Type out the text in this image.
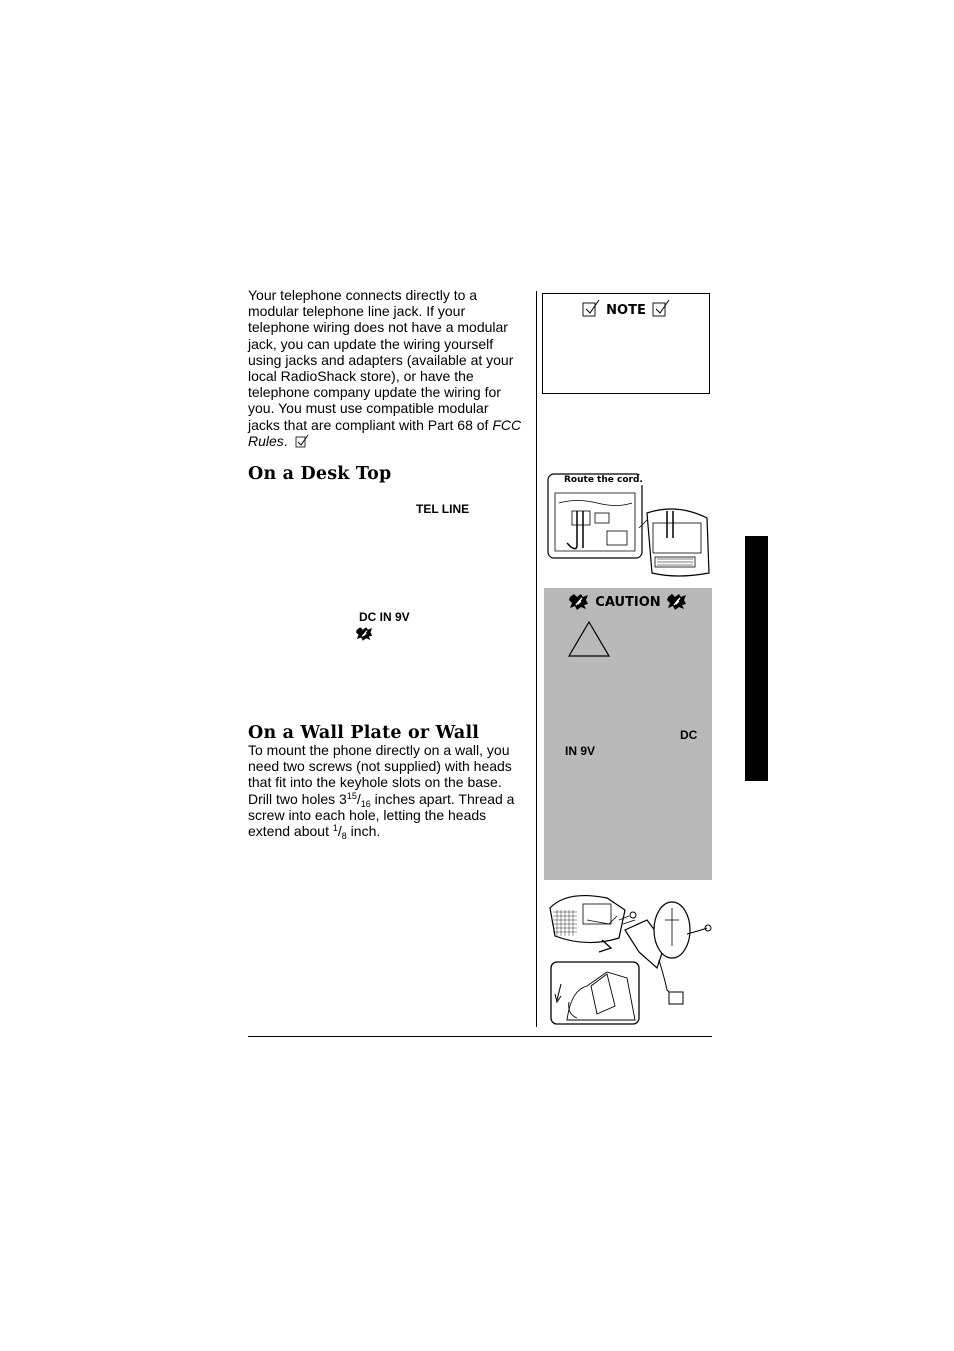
Your telephone connects directly to a
modular telephone line jack. If your
telephone wiring does not have a modular
jack, you can update the wiring yourself
using jacks and adapters (available at your
local RadioShack store), or have the
telephone company update the wiring for
you. You must use compatible modular
jacks that are compliant with Part 68 of FCC
Rules.
On a Desk Top
TEL LINE
DC IN 9V
On a Wall Plate or Wall
To mount the phone directly on a wall, you
need two screws (not supplied) with heads
that fit into the keyhole slots on the base.
Drill two holes $3^{15}/_{16}$ inches apart. Thread a
screw into each hole, letting the heads
extend about $^1/_8$ inch.
NOTE
Route the cord.
CAUTION
DC
IN 9V
